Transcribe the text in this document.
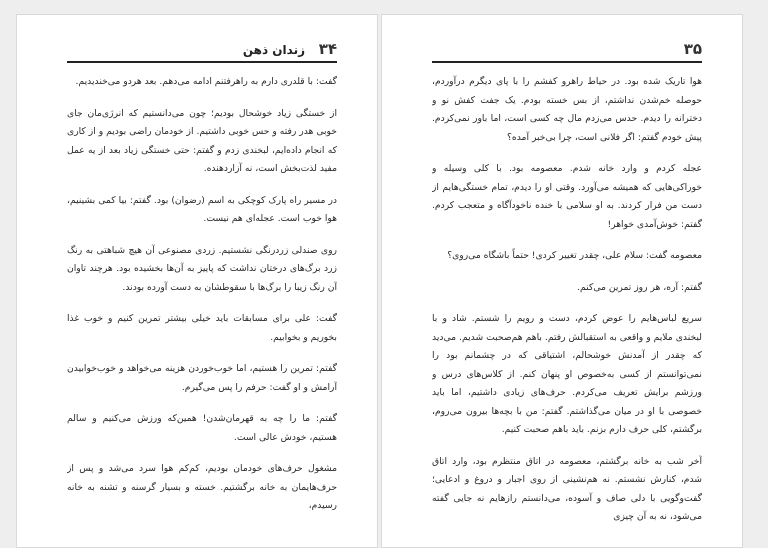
۳۴
زندان ذهن

گفت: با قلدری دارم به راهرفتنم ادامه می‌دهم. بعد هردو می‌خندیدیم.

از خستگی زیاد خوشحال بودیم؛ چون می‌دانستیم که انرژی‌مان جای خوبی هدر رفته و حس خوبی داشتیم. از خودمان راضی بودیم و از کاری که انجام داده‌ایم، لبخندی زدم و گفتم: حتی خستگی زیاد بعد از یه عمل مفید لذت‌بخش است، نه آزاردهنده.

در مسیر راه پارک کوچکی به اسم (رضوان) بود. گفتم: بیا کمی بشینیم، هوا خوب است. عجله‌ای هم نیست.

روی صندلی زردرنگی نشستیم. زردی مصنوعی آن هیچ شباهتی به رنگ زرد برگ‌های درختان نداشت که پاییز به آن‌ها بخشیده بود. هرچند تاوان آن رنگ زیبا را برگ‌ها با سقوطشان به دست آورده بودند.

گفت: علی برای مسابقات باید خیلی بیشتر تمرین کنیم و خوب غذا بخوریم و بخوابیم.

گفتم: تمرین را هستیم، اما خوب‌خوردن هزینه می‌خواهد و خوب‌خوابیدن آرامش و او گفت: حرفم را پس می‌گیرم.

گفتم: ما را چه به قهرمان‌شدن! همین‌که ورزش می‌کنیم و سالم هستیم، خودش عالی است.

مشغول حرف‌های خودمان بودیم، کم‌کم هوا سرد می‌شد و پس از حرف‌هایمان به خانه برگشتیم. خسته و بسیار گرسنه و تشنه به خانه رسیدم،

۳۵

هوا تاریک شده بود. در حیاط راهرو کفشم را با پای دیگرم درآوردم، حوصله خم‌شدن نداشتم، از بس خسته بودم. یک جفت کفش نو و دخترانه را دیدم. حدس می‌زدم مال چه کسی است، اما باور نمی‌کردم. پیش خودم گفتم: اگر فلانی است، چرا بی‌خبر آمده؟

عجله کردم و وارد خانه شدم. معصومه بود. با کلی وسیله و خوراکی‌هایی که همیشه می‌آورد. وقتی او را دیدم، تمام خستگی‌هایم از دست من فرار کردند. به او سلامی با خنده ناخودآگاه و متعجب کردم. گفتم: خوش‌آمدی خواهر!

معصومه گفت: سلام علی، چقدر تغییر کردی! حتماً باشگاه می‌روی؟

گفتم: آره، هر روز تمرین می‌کنم.

سریع لباس‌هایم را عوض کردم، دست و رویم را شستم. شاد و با لبخندی ملایم و واقعی به استقبالش رفتم. باهم هم‌صحبت شدیم. می‌دید که چقدر از آمدنش خوشحالم، اشتیاقی که در چشمانم بود را نمی‌توانستم از کسی به‌خصوص او پنهان کنم. از کلاس‌های درس و ورزشم برایش تعریف می‌کردم. حرف‌های زیادی داشتیم، اما باید خصوصی با او در میان می‌گذاشتم. گفتم: من با بچه‌ها بیرون می‌روم، برگشتم، کلی حرف دارم بزنم. باید باهم صحبت کنیم.

آخر شب به خانه برگشتم، معصومه در اتاق منتظرم بود، وارد اتاق شدم، کنارش نشستم. نه هم‌نشینی از روی اجبار و دروغ و ادعایی؛ گفت‌وگویی با دلی صاف و آسوده، می‌دانستم رازهایم نه جایی گفته می‌شود، نه به آن چیزی
